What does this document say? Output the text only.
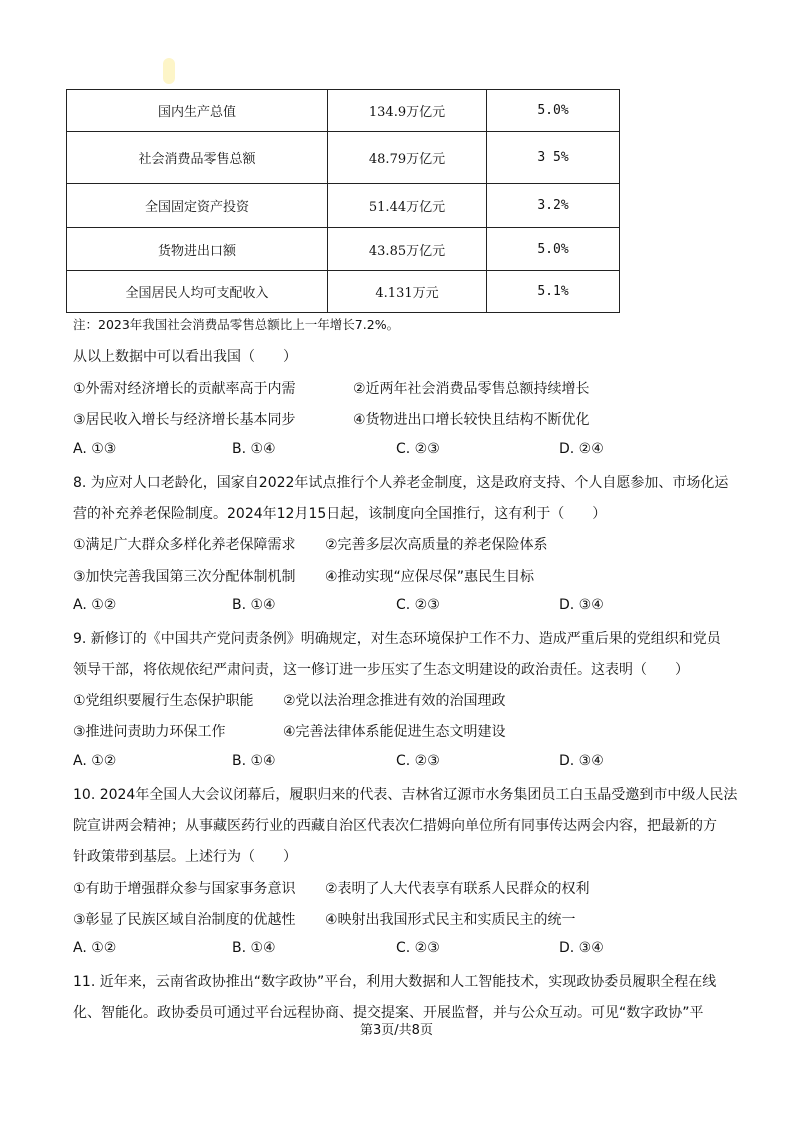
国内生产总值	134.9万亿元	5.0%
社会消费品零售总额	48.79万亿元	3 5%
全国固定资产投资	51.44万亿元	3.2%
货物进出口额	43.85万亿元	5.0%
全国居民人均可支配收入	4.131万元	5.1%
注：2023年我国社会消费品零售总额比上一年增长7.2%。
从以上数据中可以看出我国（　　）
①外需对经济增长的贡献率高于内需	②近两年社会消费品零售总额持续增长
③居民收入增长与经济增长基本同步	④货物进出口增长较快且结构不断优化
A. ①③	B. ①④	C. ②③	D. ②④
8. 为应对人口老龄化，国家自2022年试点推行个人养老金制度，这是政府支持、个人自愿参加、市场化运
营的补充养老保险制度。2024年12月15日起，该制度向全国推行，这有利于（　　）
①满足广大群众多样化养老保障需求 ②完善多层次高质量的养老保险体系
③加快完善我国第三次分配体制机制 ④推动实现“应保尽保”惠民生目标
A. ①②	B. ①④	C. ②③	D. ③④
9. 新修订的《中国共产党问责条例》明确规定，对生态环境保护工作不力、造成严重后果的党组织和党员
领导干部，将依规依纪严肃问责，这一修订进一步压实了生态文明建设的政治责任。这表明（　　）
①党组织要履行生态保护职能 ②党以法治理念推进有效的治国理政
③推进问责助力环保工作	④完善法律体系能促进生态文明建设
A. ①②	B. ①④	C. ②③	D. ③④
10. 2024年全国人大会议闭幕后，履职归来的代表、吉林省辽源市水务集团员工白玉晶受邀到市中级人民法
院宣讲两会精神；从事藏医药行业的西藏自治区代表次仁措姆向单位所有同事传达两会内容，把最新的方
针政策带到基层。上述行为（　　）
①有助于增强群众参与国家事务意识 ②表明了人大代表享有联系人民群众的权利
③彰显了民族区域自治制度的优越性 ④映射出我国形式民主和实质民主的统一
A. ①②	B. ①④	C. ②③	D. ③④
11. 近年来，云南省政协推出“数字政协”平台，利用大数据和人工智能技术，实现政协委员履职全程在线
化、智能化。政协委员可通过平台远程协商、提交提案、开展监督，并与公众互动。可见“数字政协”平
第3页/共8页
